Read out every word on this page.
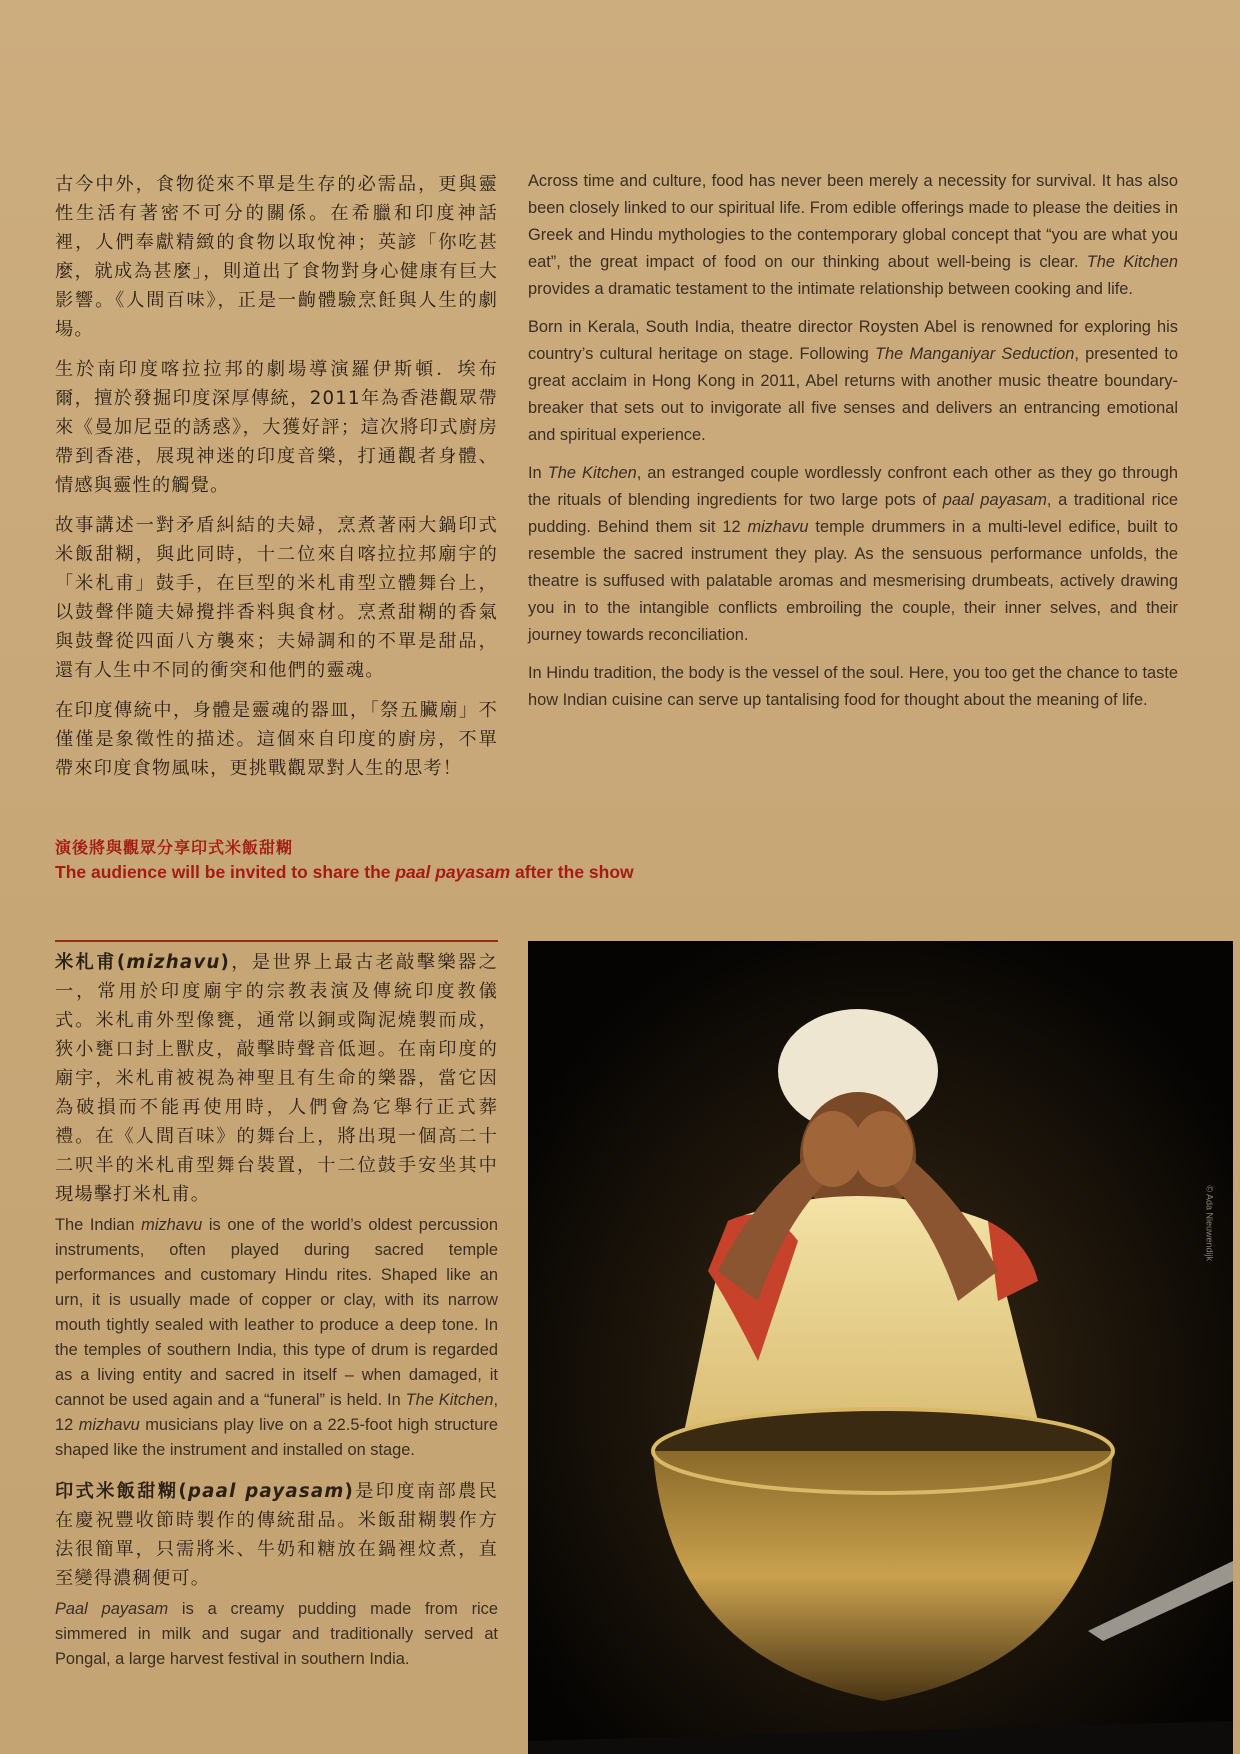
古今中外，食物從來不單是生存的必需品，更與靈性生活有著密不可分的關係。在希臘和印度神話裡，人們奉獻精緻的食物以取悅神；英諺「你吃甚麼，就成為甚麼」，則道出了食物對身心健康有巨大影響。《人間百味》，正是一齣體驗烹飪與人生的劇場。

生於南印度喀拉拉邦的劇場導演羅伊斯頓．埃布爾，擅於發掘印度深厚傳統，2011年為香港觀眾帶來《曼加尼亞的誘惑》，大獲好評；這次將印式廚房帶到香港，展現神迷的印度音樂，打通觀者身體、情感與靈性的觸覺。

故事講述一對矛盾糾結的夫婦，烹煮著兩大鍋印式米飯甜糊，與此同時，十二位來自喀拉拉邦廟宇的「米札甫」鼓手，在巨型的米札甫型立體舞台上，以鼓聲伴隨夫婦攪拌香料與食材。烹煮甜糊的香氣與鼓聲從四面八方襲來；夫婦調和的不單是甜品，還有人生中不同的衝突和他們的靈魂。

在印度傳統中，身體是靈魂的器皿，「祭五臟廟」不僅僅是象徵性的描述。這個來自印度的廚房，不單帶來印度食物風味，更挑戰觀眾對人生的思考！

Across time and culture, food has never been merely a necessity for survival. It has also been closely linked to our spiritual life. From edible offerings made to please the deities in Greek and Hindu mythologies to the contemporary global concept that “you are what you eat”, the great impact of food on our thinking about well-being is clear. The Kitchen provides a dramatic testament to the intimate relationship between cooking and life.

Born in Kerala, South India, theatre director Roysten Abel is renowned for exploring his country’s cultural heritage on stage. Following The Manganiyar Seduction, presented to great acclaim in Hong Kong in 2011, Abel returns with another music theatre boundary-breaker that sets out to invigorate all five senses and delivers an entrancing emotional and spiritual experience.

In The Kitchen, an estranged couple wordlessly confront each other as they go through the rituals of blending ingredients for two large pots of paal payasam, a traditional rice pudding. Behind them sit 12 mizhavu temple drummers in a multi-level edifice, built to resemble the sacred instrument they play. As the sensuous performance unfolds, the theatre is suffused with palatable aromas and mesmerising drumbeats, actively drawing you in to the intangible conflicts embroiling the couple, their inner selves, and their journey towards reconciliation.

In Hindu tradition, the body is the vessel of the soul. Here, you too get the chance to taste how Indian cuisine can serve up tantalising food for thought about the meaning of life.

演後將與觀眾分享印式米飯甜糊
The audience will be invited to share the paal payasam after the show

米札甫(mizhavu)，是世界上最古老敲擊樂器之一，常用於印度廟宇的宗教表演及傳統印度教儀式。米札甫外型像甕，通常以銅或陶泥燒製而成，狹小甕口封上獸皮，敲擊時聲音低迴。在南印度的廟宇，米札甫被視為神聖且有生命的樂器，當它因為破損而不能再使用時，人們會為它舉行正式葬禮。在《人間百味》的舞台上，將出現一個高二十二呎半的米札甫型舞台裝置，十二位鼓手安坐其中現場擊打米札甫。

The Indian mizhavu is one of the world’s oldest percussion instruments, often played during sacred temple performances and customary Hindu rites. Shaped like an urn, it is usually made of copper or clay, with its narrow mouth tightly sealed with leather to produce a deep tone. In the temples of southern India, this type of drum is regarded as a living entity and sacred in itself – when damaged, it cannot be used again and a “funeral” is held. In The Kitchen, 12 mizhavu musicians play live on a 22.5-foot high structure shaped like the instrument and installed on stage.

印式米飯甜糊(paal payasam)是印度南部農民在慶祝豐收節時製作的傳統甜品。米飯甜糊製作方法很簡單，只需將米、牛奶和糖放在鍋裡炆煮，直至變得濃稠便可。

Paal payasam is a creamy pudding made from rice simmered in milk and sugar and traditionally served at Pongal, a large harvest festival in southern India.

© Ada Nieuwendijk
